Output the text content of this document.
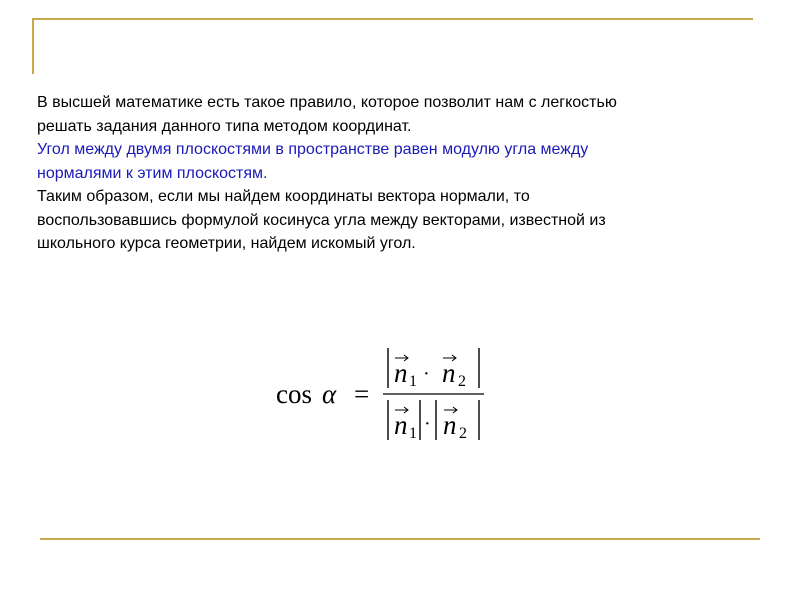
В высшей математике есть такое правило, которое позволит нам с легкостью

решать задания данного типа методом координат.

Угол между двумя плоскостями в пространстве равен модулю угла между

нормалями к этим плоскостям.

Таким образом, если мы найдем координаты вектора нормали, то

воспользовавшись формулой косинуса угла между векторами, известной из

школьного курса геометрии, найдем искомый угол.

cos α =
n 1 · n 2
n 1 · n 2
